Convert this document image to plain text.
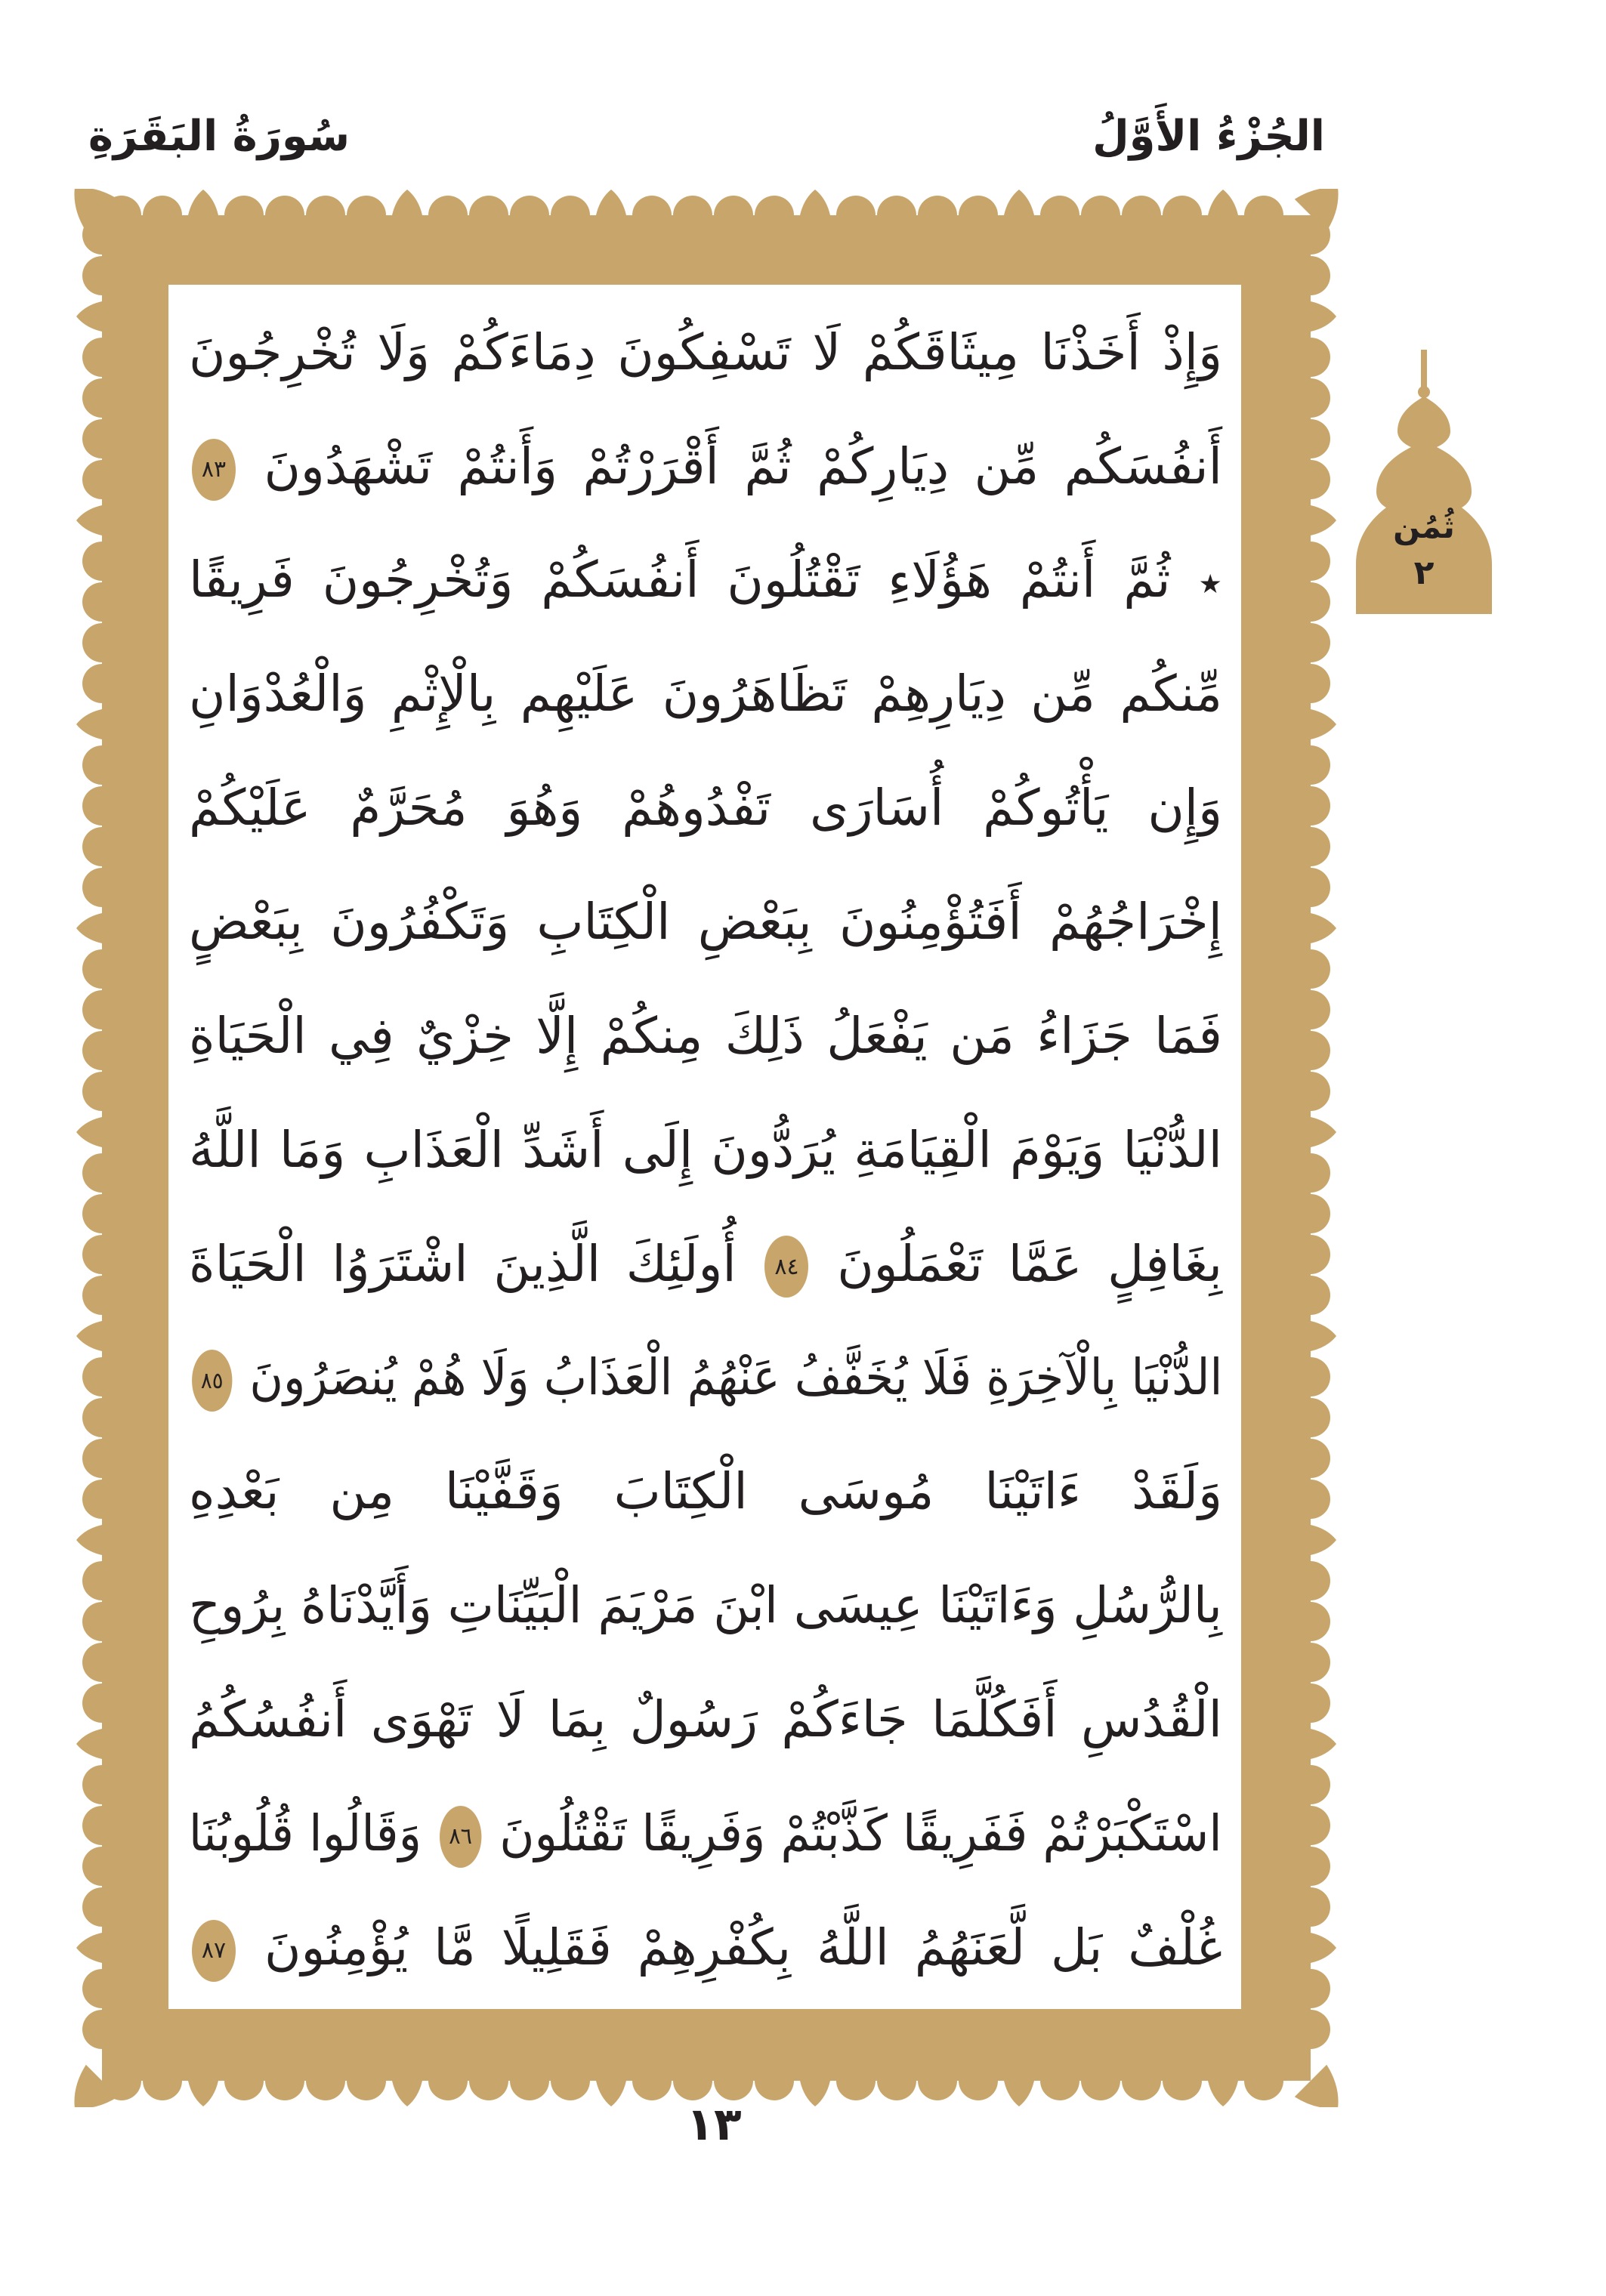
سُورَةُ البَقَرَةِ	الجُزْءُ الأَوَّلُ
وَإِذْ أَخَذْنَا مِيثَاقَكُمْ لَا تَسْفِكُونَ دِمَاءَكُمْ وَلَا تُخْرِجُونَ
أَنفُسَكُم مِّن دِيَارِكُمْ ثُمَّ أَقْرَرْتُمْ وَأَنتُمْ تَشْهَدُونَ ٨٣
٭ ثُمَّ أَنتُمْ هَؤُلَاءِ تَقْتُلُونَ أَنفُسَكُمْ وَتُخْرِجُونَ فَرِيقًا
مِّنكُم مِّن دِيَارِهِمْ تَظَاهَرُونَ عَلَيْهِم بِالْإِثْمِ وَالْعُدْوَانِ
وَإِن يَأْتُوكُمْ أُسَارَى تَفْدُوهُمْ وَهُوَ مُحَرَّمٌ عَلَيْكُمْ
إِخْرَاجُهُمْ أَفَتُؤْمِنُونَ بِبَعْضِ الْكِتَابِ وَتَكْفُرُونَ بِبَعْضٍ
فَمَا جَزَاءُ مَن يَفْعَلُ ذَلِكَ مِنكُمْ إِلَّا خِزْيٌ فِي الْحَيَاةِ
الدُّنْيَا وَيَوْمَ الْقِيَامَةِ يُرَدُّونَ إِلَى أَشَدِّ الْعَذَابِ وَمَا اللَّهُ
بِغَافِلٍ عَمَّا تَعْمَلُونَ ٨٤ أُولَئِكَ الَّذِينَ اشْتَرَوُا الْحَيَاةَ
الدُّنْيَا بِالْآخِرَةِ فَلَا يُخَفَّفُ عَنْهُمُ الْعَذَابُ وَلَا هُمْ يُنصَرُونَ ٨٥
وَلَقَدْ ءَاتَيْنَا مُوسَى الْكِتَابَ وَقَفَّيْنَا مِن بَعْدِهِ
بِالرُّسُلِ وَءَاتَيْنَا عِيسَى ابْنَ مَرْيَمَ الْبَيِّنَاتِ وَأَيَّدْنَاهُ بِرُوحِ
الْقُدُسِ أَفَكُلَّمَا جَاءَكُمْ رَسُولٌ بِمَا لَا تَهْوَى أَنفُسُكُمُ
اسْتَكْبَرْتُمْ فَفَرِيقًا كَذَّبْتُمْ وَفَرِيقًا تَقْتُلُونَ ٨٦ وَقَالُوا قُلُوبُنَا
غُلْفٌ بَل لَّعَنَهُمُ اللَّهُ بِكُفْرِهِمْ فَقَلِيلًا مَّا يُؤْمِنُونَ ٨٧
ثُمُن
٢
١٣
